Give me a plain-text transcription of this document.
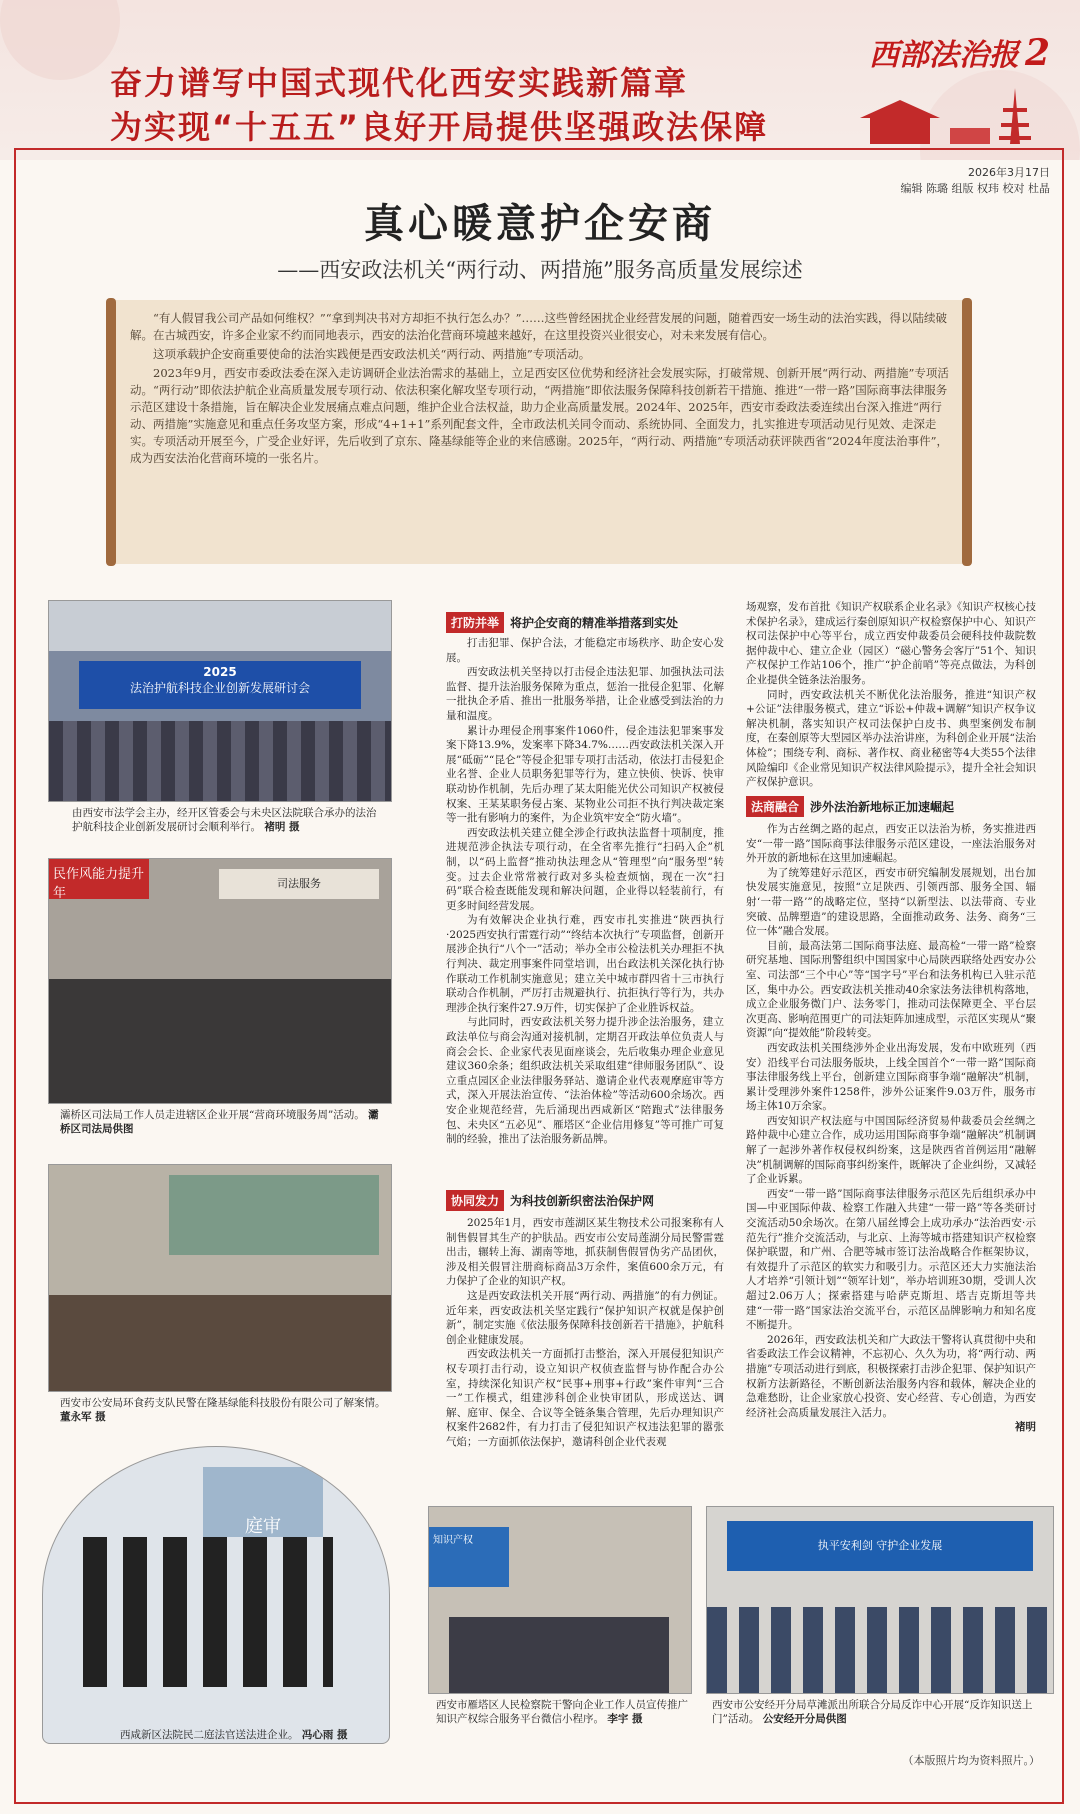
奋力谱写中国式现代化西安实践新篇章
为实现“十五五”良好开局提供坚强政法保障
西部法治报 2
2026年3月17日
编辑 陈璐 组版 权玮 校对 杜晶
真心暖意护企安商
——西安政法机关“两行动、两措施”服务高质量发展综述

“有人假冒我公司产品如何维权？”“拿到判决书对方却拒不执行怎么办？”……这些曾经困扰企业经营发展的问题，随着西安一场生动的法治实践，得以陆续破解。在古城西安，许多企业家不约而同地表示，西安的法治化营商环境越来越好，在这里投资兴业很安心，对未来发展有信心。

这项承载护企安商重要使命的法治实践便是西安政法机关“两行动、两措施”专项活动。

2023年9月，西安市委政法委在深入走访调研企业法治需求的基础上，立足西安区位优势和经济社会发展实际，打破常规、创新开展“两行动、两措施”专项活动。“两行动”即依法护航企业高质量发展专项行动、依法积案化解攻坚专项行动，“两措施”即依法服务保障科技创新若干措施、推进“一带一路”国际商事法律服务示范区建设十条措施，旨在解决企业发展痛点难点问题，维护企业合法权益，助力企业高质量发展。2024年、2025年，西安市委政法委连续出台深入推进“两行动、两措施”实施意见和重点任务攻坚方案，形成“4+1+1”系列配套文件，全市政法机关同令而动、系统协同、全面发力，扎实推进专项活动见行见效、走深走实。专项活动开展至今，广受企业好评，先后收到了京东、隆基绿能等企业的来信感谢。2025年，“两行动、两措施”专项活动获评陕西省“2024年度法治事件”，成为西安法治化营商环境的一张名片。

2025
法治护航科技企业创新发展研讨会
由西安市法学会主办，经开区管委会与未央区法院联合承办的法治护航科技企业创新发展研讨会顺利举行。 褚明 摄
民作风能力提升年
司法服务
灞桥区司法局工作人员走进辖区企业开展“营商环境服务周”活动。 灞桥区司法局供图
西安市公安局环食药支队民警在隆基绿能科技股份有限公司了解案情。 董永军 摄
庭审
西咸新区法院民二庭法官送法进企业。 冯心雨 摄
知识产权
西安市雁塔区人民检察院干警向企业工作人员宣传推广知识产权综合服务平台微信小程序。 李宇 摄
执平安利剑 守护企业发展
西安市公安经开分局草滩派出所联合分局反诈中心开展“反诈知识送上门”活动。 公安经开分局供图
打防并举 将护企安商的精准举措落到实处

打击犯罪、保护合法，才能稳定市场秩序、助企安心发展。

西安政法机关坚持以打击侵企违法犯罪、加强执法司法监督、提升法治服务保障为重点，惩治一批侵企犯罪、化解一批执企矛盾、推出一批服务举措，让企业感受到法治的力量和温度。

累计办理侵企刑事案件1060件，侵企违法犯罪案事发案下降13.9%，发案率下降34.7%……西安政法机关深入开展“砥砺”“昆仑”等侵企犯罪专项打击活动，依法打击侵犯企业名誉、企业人员职务犯罪等行为，建立快侦、快诉、快审联动协作机制，先后办理了某太阳能光伏公司知识产权被侵权案、王某某职务侵占案、某物业公司拒不执行判决裁定案等一批有影响力的案件，为企业筑牢安全“防火墙”。

西安政法机关建立健全涉企行政执法监督十项制度，推进规范涉企执法专项行动，在全省率先推行“扫码入企”机制，以“码上监督”推动执法理念从“管理型”向“服务型”转变。过去企业常常被行政对多头检查烦恼，现在一次“扫码”联合检查既能发现和解决问题，企业得以轻装前行，有更多时间经营发展。

为有效解决企业执行难，西安市扎实推进“陕西执行·2025西安执行雷霆行动”“终结本次执行”专项监督，创新开展涉企执行“八个一”活动；举办全市公检法机关办理拒不执行判决、裁定刑事案件同堂培训，出台政法机关深化执行协作联动工作机制实施意见；建立关中城市群四省十三市执行联动合作机制，严厉打击规避执行、抗拒执行等行为，共办理涉企执行案件27.9万件，切实保护了企业胜诉权益。

与此同时，西安政法机关努力提升涉企法治服务，建立政法单位与商会沟通对接机制，定期召开政法单位负责人与商会会长、企业家代表见面座谈会，先后收集办理企业意见建议360余条；组织政法机关采取组建“律师服务团队”、设立重点园区企业法律服务驿站、邀请企业代表观摩庭审等方式，深入开展法治宣传、“法治体检”等活动600余场次。西安企业规范经营，先后涌现出西咸新区“陪跑式”法律服务包、未央区“五必见”、雁塔区“企业信用修复”等可推广可复制的经验，推出了法治服务新品牌。

协同发力 为科技创新织密法治保护网

2025年1月，西安市莲湖区某生物技术公司报案称有人制售假冒其生产的护肤品。西安市公安局莲湖分局民警雷霆出击，辗转上海、湖南等地，抓获制售假冒伪劣产品团伙，涉及相关假冒注册商标商品3万余件，案值600余万元，有力保护了企业的知识产权。

这是西安政法机关开展“两行动、两措施”的有力例证。近年来，西安政法机关坚定践行“保护知识产权就是保护创新”，制定实施《依法服务保障科技创新若干措施》，护航科创企业健康发展。

西安政法机关一方面抓打击整治，深入开展侵犯知识产权专项打击行动，设立知识产权侦查监督与协作配合办公室，持续深化知识产权“民事+刑事+行政”案件审判“三合一”工作模式，组建涉科创企业快审团队，形成送达、调解、庭审、保全、合议等全链条集合管理，先后办理知识产权案件2682件，有力打击了侵犯知识产权违法犯罪的嚣张气焰；一方面抓依法保护，邀请科创企业代表观

场观察，发布首批《知识产权联系企业名录》《知识产权核心技术保护名录》，建成运行秦创原知识产权检察保护中心、知识产权司法保护中心等平台，成立西安仲裁委员会硬科技仲裁院数据仲裁中心、建立企业（园区）“磁心警务会客厅”51个、知识产权保护工作站106个，推广“护企前哨”等亮点做法，为科创企业提供全链条法治服务。

同时，西安政法机关不断优化法治服务，推进“知识产权+公证”法律服务模式，建立“诉讼+仲裁+调解”知识产权争议解决机制，落实知识产权司法保护白皮书、典型案例发布制度，在秦创原等大型园区举办法治讲座，为科创企业开展“法治体检”；围绕专利、商标、著作权、商业秘密等4大类55个法律风险编印《企业常见知识产权法律风险提示》，提升全社会知识产权保护意识。

法商融合 涉外法治新地标正加速崛起

作为古丝绸之路的起点，西安正以法治为桥，务实推进西安“一带一路”国际商事法律服务示范区建设，一座法治服务对外开放的新地标在这里加速崛起。

为了统筹建好示范区，西安市研究编制发展规划，出台加快发展实施意见，按照“立足陕西、引领西部、服务全国、辐射‘一带一路’”的战略定位，坚持“以新型法、以法带商、专业突破、品牌塑造”的建设思路，全面推动政务、法务、商务“三位一体”融合发展。

目前，最高法第二国际商事法庭、最高检“一带一路”检察研究基地、国际刑警组织中国国家中心局陕西联络处西安办公室、司法部“三个中心”等“国字号”平台和法务机构已入驻示范区，集中办公。西安政法机关推动40余家法务法律机构落地，成立企业服务微门户、法务零门，推动司法保障更全、平台层次更高、影响范围更广的司法矩阵加速成型，示范区实现从“聚资源”向“提效能”阶段转变。

西安政法机关围绕涉外企业出海发展，发布中欧班列（西安）沿线平台司法服务版块，上线全国首个“一带一路”国际商事法律服务线上平台，创新建立国际商事争端“融解决”机制，累计受理涉外案件1258件，涉外公证案件9.03万件，服务市场主体10万余家。

西安知识产权法庭与中国国际经济贸易仲裁委员会丝绸之路仲裁中心建立合作，成功运用国际商事争端“融解决”机制调解了一起涉外著作权侵权纠纷案，这是陕西省首例运用“融解决”机制调解的国际商事纠纷案件，既解决了企业纠纷，又减轻了企业诉累。

西安“一带一路”国际商事法律服务示范区先后组织承办中国—中亚国际仲裁、检察工作融入共建“一带一路”等各类研讨交流活动50余场次。在第八届丝博会上成功承办“法治西安·示范先行”推介交流活动，与北京、上海等城市搭建知识产权检察保护联盟，和广州、合肥等城市签订法治战略合作框架协议，有效提升了示范区的软实力和吸引力。示范区还大力实施法治人才培养“引领计划”“领军计划”，举办培训班30期，受训人次超过2.06万人；探索搭建与哈萨克斯坦、塔吉克斯坦等共建“一带一路”国家法治交流平台，示范区品牌影响力和知名度不断提升。

2026年，西安政法机关和广大政法干警将认真贯彻中央和省委政法工作会议精神，不忘初心、久久为功，将“两行动、两措施”专项活动进行到底，积极探索打击涉企犯罪、保护知识产权新方法新路径，不断创新法治服务内容和载体，解决企业的急难愁盼，让企业家放心投资、安心经营、专心创造，为西安经济社会高质量发展注入活力。

褚明
（本版照片均为资料照片。）
